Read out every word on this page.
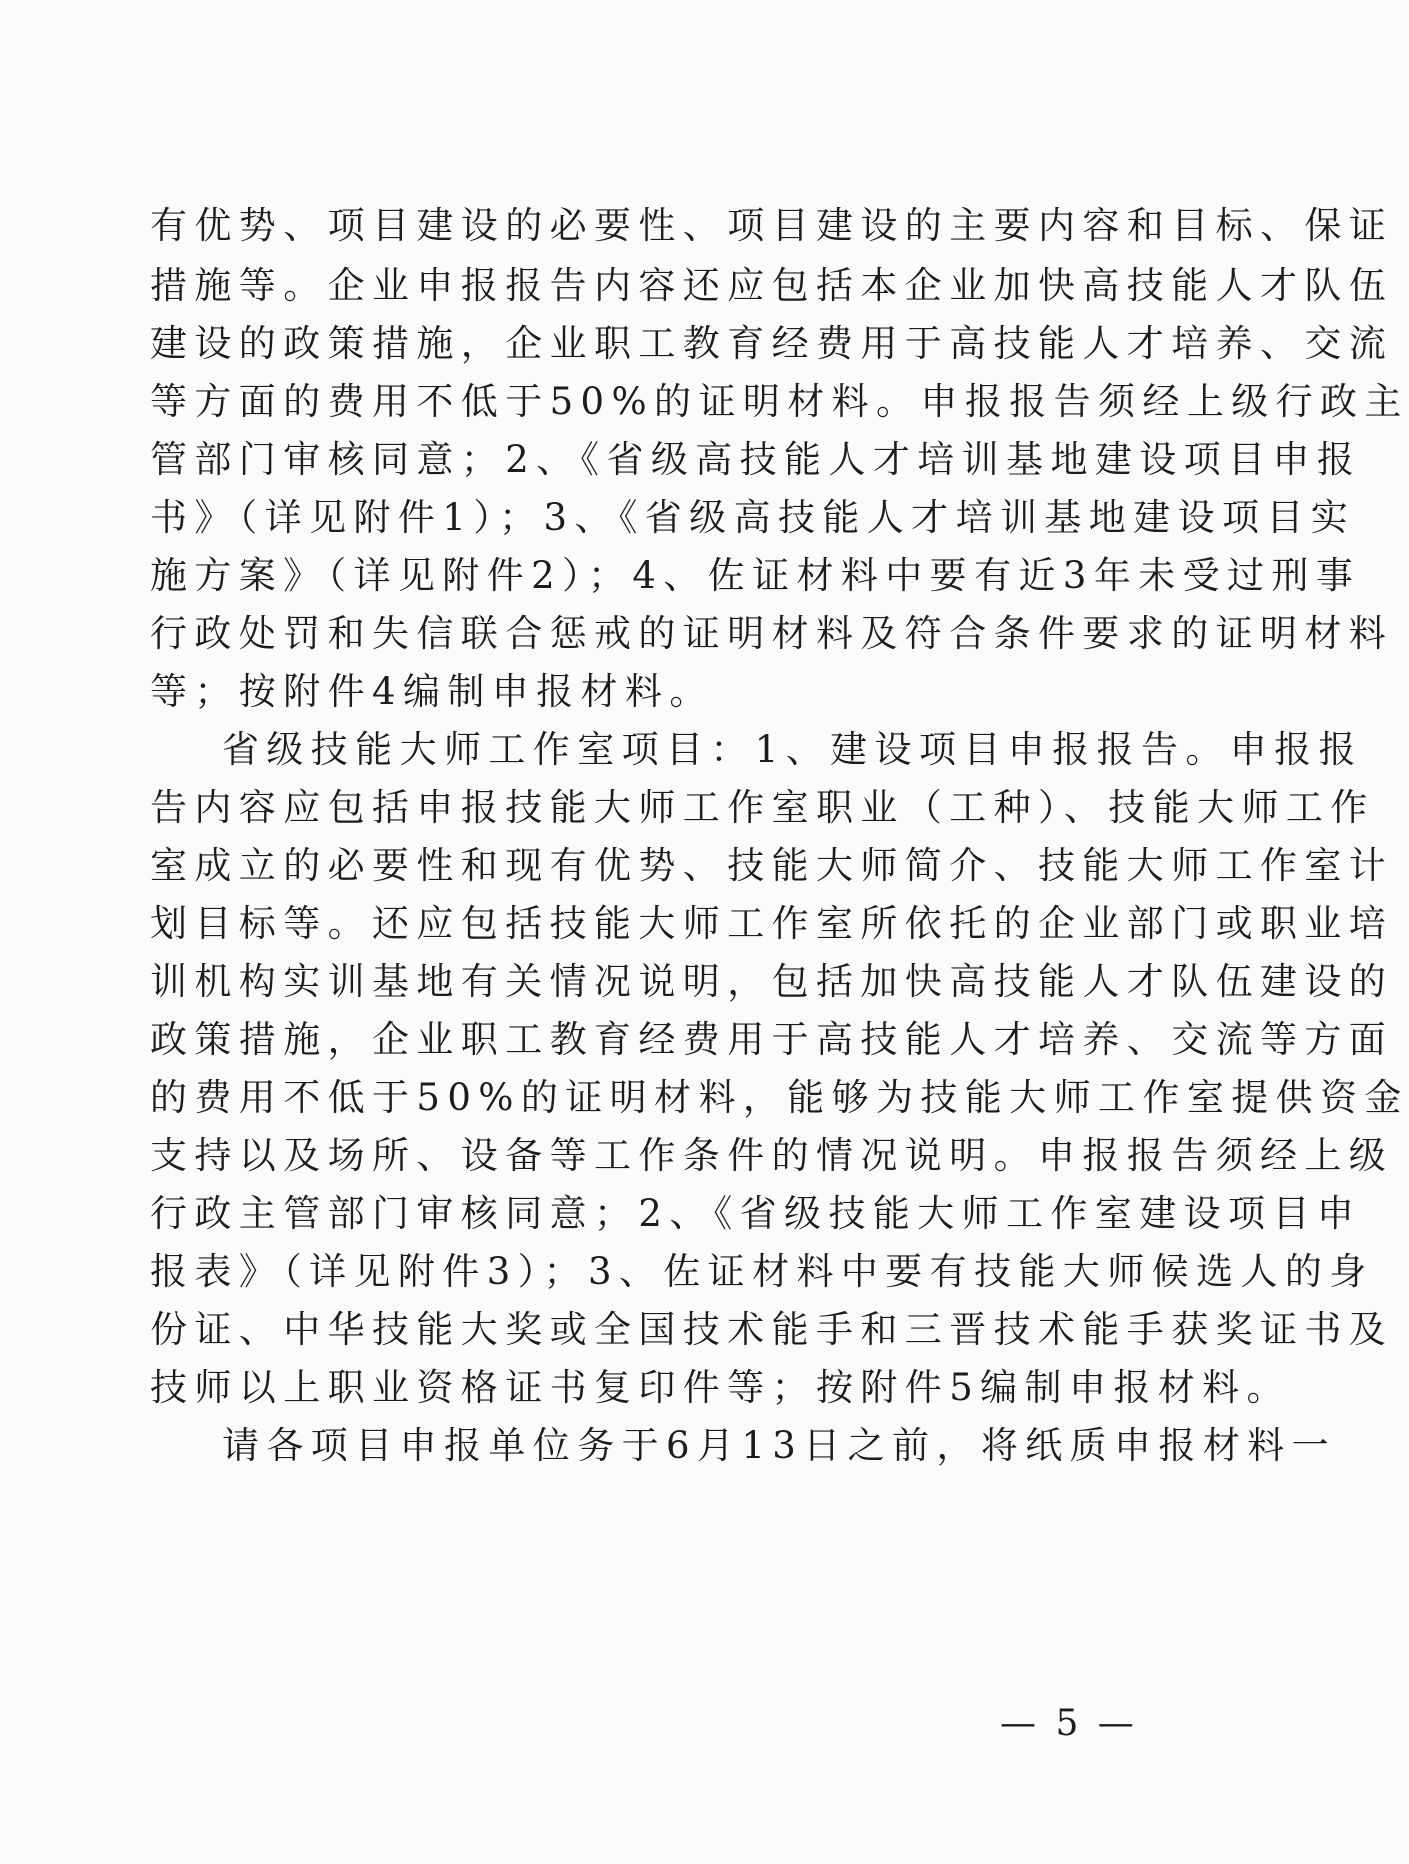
有优势、项目建设的必要性、项目建设的主要内容和目标、保证
措施等。企业申报报告内容还应包括本企业加快高技能人才队伍
建设的政策措施，企业职工教育经费用于高技能人才培养、交流
等方面的费用不低于50%的证明材料。申报报告须经上级行政主
管部门审核同意；2、《省级高技能人才培训基地建设项目申报
书》（详见附件1）；3、《省级高技能人才培训基地建设项目实
施方案》（详见附件2）；4、佐证材料中要有近3年未受过刑事
行政处罚和失信联合惩戒的证明材料及符合条件要求的证明材料
等；按附件4编制申报材料。
省级技能大师工作室项目：1、建设项目申报报告。申报报
告内容应包括申报技能大师工作室职业（工种）、技能大师工作
室成立的必要性和现有优势、技能大师简介、技能大师工作室计
划目标等。还应包括技能大师工作室所依托的企业部门或职业培
训机构实训基地有关情况说明，包括加快高技能人才队伍建设的
政策措施，企业职工教育经费用于高技能人才培养、交流等方面
的费用不低于50%的证明材料，能够为技能大师工作室提供资金
支持以及场所、设备等工作条件的情况说明。申报报告须经上级
行政主管部门审核同意；2、《省级技能大师工作室建设项目申
报表》（详见附件3）；3、佐证材料中要有技能大师候选人的身
份证、中华技能大奖或全国技术能手和三晋技术能手获奖证书及
技师以上职业资格证书复印件等；按附件5编制申报材料。
请各项目申报单位务于6月13日之前，将纸质申报材料一
— 5 —
